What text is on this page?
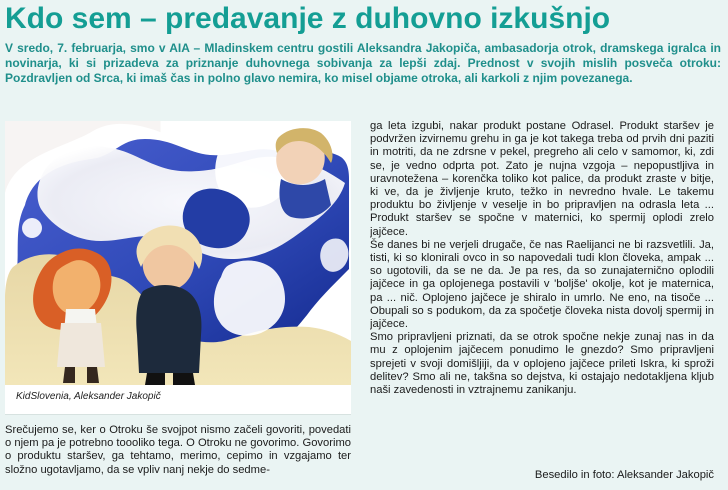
Kdo sem – predavanje z duhovno izkušnjo

V sredo, 7. februarja, smo v AIA – Mladinskem centru gostili Aleksandra Jakopiča, ambasadorja otrok, dramskega igralca in novinarja, ki si prizadeva za priznanje duhovnega sobivanja za lepši zdaj. Prednost v svojih mislih posveča otroku: Pozdravljen od Srca, ki imaš čas in polno glavo nemira, ko misel objame otroka, ali karkoli z njim povezanega.

KidSlovenia, Aleksander Jakopič

Srečujemo se, ker o Otroku še svojpot nismo začeli govoriti, povedati o njem pa je potrebno toooliko tega. O Otroku ne govorimo. Govorimo o produktu staršev, ga tehtamo, merimo, cepimo in vzgajamo ter složno ugotavljamo, da se vpliv nanj nekje do sedme-

ga leta izgubi, nakar produkt postane Odrasel. Produkt staršev je podvržen izvirnemu grehu in ga je kot takega treba od prvih dni paziti in motriti, da ne zdrsne v pekel, pregreho ali celo v samomor, ki, zdi se, je vedno odprta pot. Zato je nujna vzgoja – nepopustljiva in uravnotežena – korenčka toliko kot palice, da produkt zraste v bitje, ki ve, da je življenje kruto, težko in nevredno hvale. Le takemu produktu bo življenje v veselje in bo pripravljen na odrasla leta ... Produkt staršev se spočne v maternici, ko spermij oplodi zrelo jajčece.

Še danes bi ne verjeli drugače, če nas Raelijanci ne bi razsvetlili. Ja, tisti, ki so klonirali ovco in so napovedali tudi klon človeka, ampak ... so ugotovili, da se ne da. Je pa res, da so zunajaternično oplodili jajčece in ga oplojenega postavili v 'boljše' okolje, kot je maternica, pa ... nič. Oplojeno jajčece je shiralo in umrlo. Ne eno, na tisoče ... Obupali so s podukom, da za spočetje človeka nista dovolj spermij in jajčece.

Smo pripravljeni priznati, da se otrok spočne nekje zunaj nas in da mu z oplojenim jajčecem ponudimo le gnezdo? Smo pripravljeni sprejeti v svoji domišljiji, da v oplojeno jajčece prileti Iskra, ki sproži delitev? Smo ali ne, takšna so dejstva, ki ostajajo nedotakljena kljub naši zavedenosti in vztrajnemu zanikanju.

Besedilo in foto: Aleksander Jakopič
